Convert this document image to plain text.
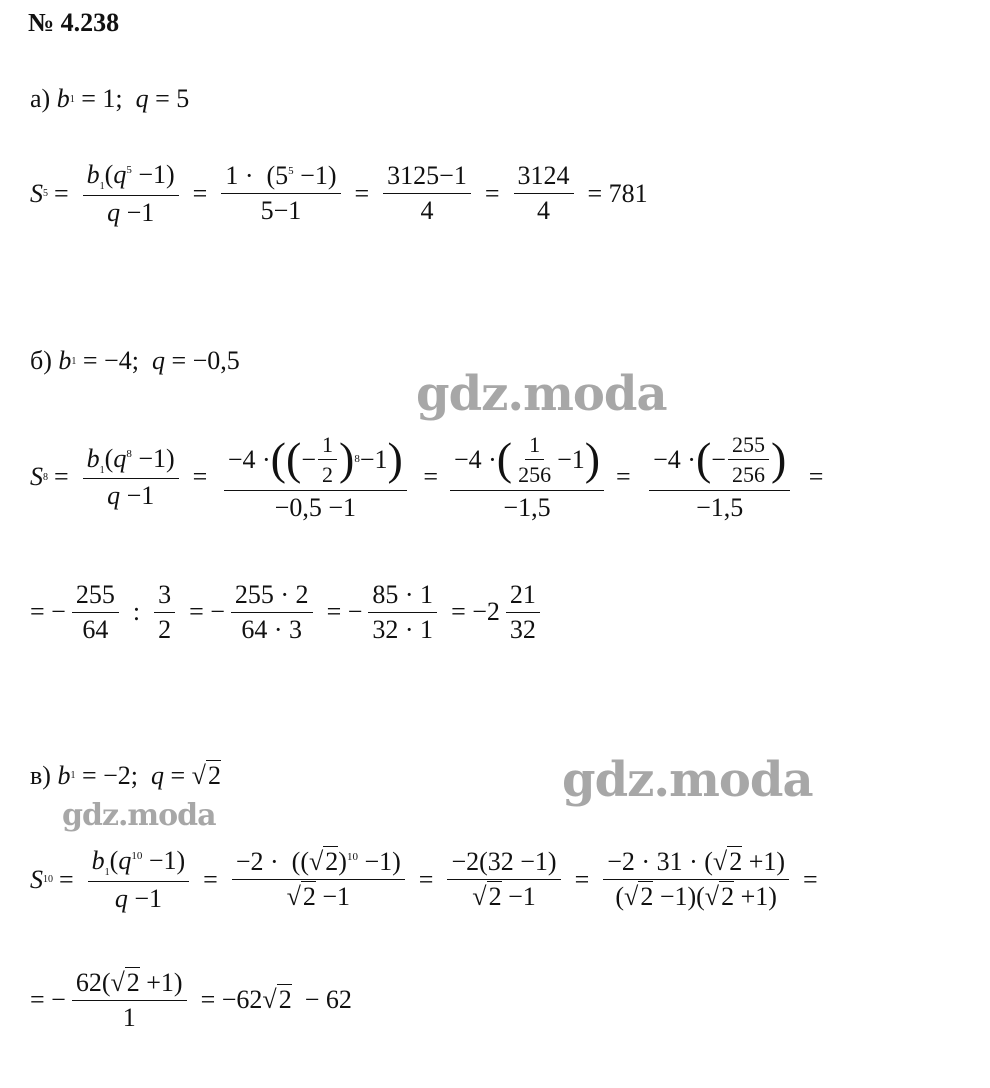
№ 4.238
а)
b 1 = 1; q = 5
S $5 = \frac{b_1(q^5 -1)}{q -1} = \frac{1 \cdot (5^5 -1)}{5-1} = \frac{3125-1}{4} = \frac{3124}{4} = 781$
б)
b 1 = −4; q = −0,5
S $8 = \frac{b_1(q^8 -1)}{q -1} = \frac{-4 \cdot ( ( - \frac{1}{2} ) 8 -1 )}{-0,5 -1} = \frac{-4 \cdot ( \frac{1}{256} -1 )}{-1,5} = \frac{-4 \cdot ( - \frac{255}{256} )}{-1,5}$ =
= − $\frac{255}{64}$ : $\frac{3}{2}$ = − $\frac{255 \cdot 2}{64 \cdot 3}$ = − $\frac{85 \cdot 1}{32 \cdot 1} = -2 \frac{21}{32}$
в)
b 1 = −2; q = √ 2
S $10 = \frac{b_1(q^{10} -1)}{q -1} = \frac{-2 \cdot ((√2)^{10} -1)}{√2 -1} = \frac{-2(32 -1)}{√2 -1} = \frac{-2 \cdot 31 \cdot (√2 +1)}{(√2 -1)(√2 +1)}$ =
= − $\frac{62(√2 +1)}{1} = -62√2 - 62$
gdz.moda
gdz.moda
gdz.moda
